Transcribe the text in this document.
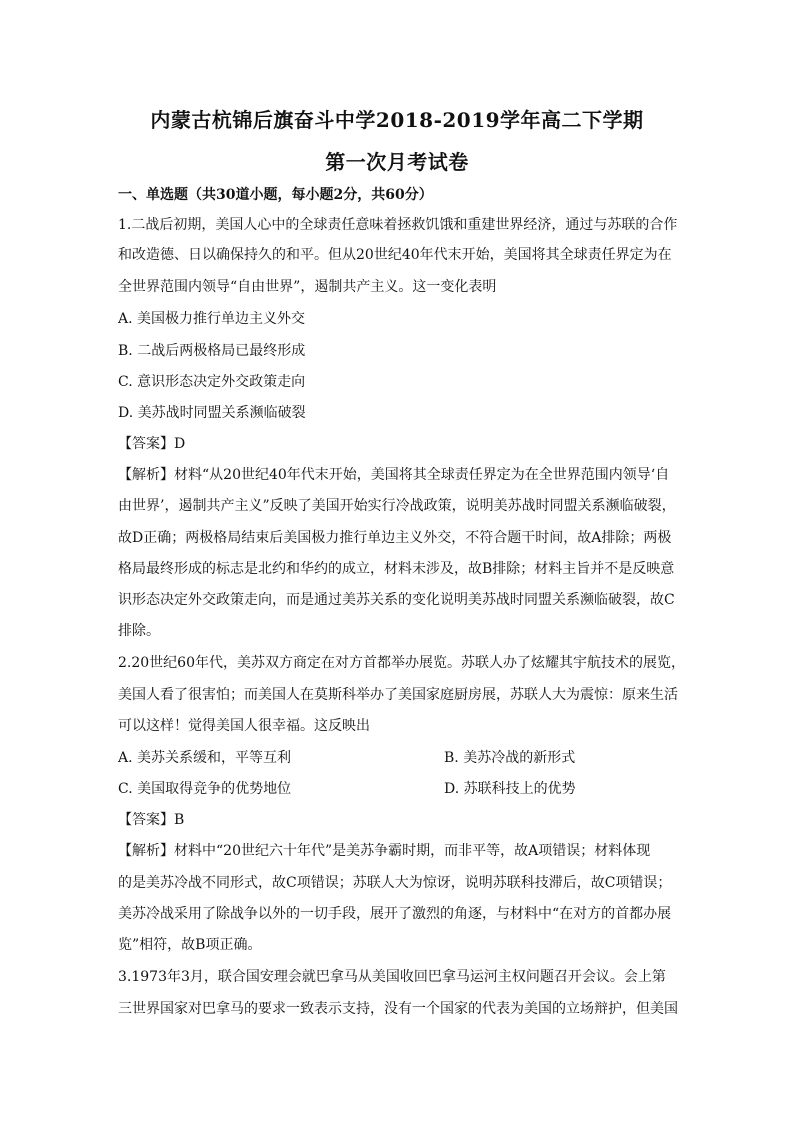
内蒙古杭锦后旗奋斗中学2018-2019学年高二下学期
第一次月考试卷
一、单选题（共30道小题，每小题2分，共60分）
1.二战后初期，美国人心中的全球责任意味着拯救饥饿和重建世界经济，通过与苏联的合作
和改造德、日以确保持久的和平。但从20世纪40年代末开始，美国将其全球责任界定为在
全世界范围内领导“自由世界”，遏制共产主义。这一变化表明
A. 美国极力推行单边主义外交
B. 二战后两极格局已最终形成
C. 意识形态决定外交政策走向
D. 美苏战时同盟关系濒临破裂
【答案】D
【解析】材料“从20世纪40年代末开始，美国将其全球责任界定为在全世界范围内领导‘自
由世界’，遏制共产主义”反映了美国开始实行冷战政策，说明美苏战时同盟关系濒临破裂，
故D正确；两极格局结束后美国极力推行单边主义外交，不符合题干时间，故A排除；两极
格局最终形成的标志是北约和华约的成立，材料未涉及，故B排除；材料主旨并不是反映意
识形态决定外交政策走向，而是通过美苏关系的变化说明美苏战时同盟关系濒临破裂，故C
排除。
2.20世纪60年代，美苏双方商定在对方首都举办展览。苏联人办了炫耀其宇航技术的展览，
美国人看了很害怕；而美国人在莫斯科举办了美国家庭厨房展，苏联人大为震惊：原来生活
可以这样！觉得美国人很幸福。这反映出
A. 美苏关系缓和，平等互利	B. 美苏冷战的新形式
C. 美国取得竞争的优势地位	D. 苏联科技上的优势
【答案】B
【解析】材料中“20世纪六十年代”是美苏争霸时期，而非平等，故A项错误；材料体现
的是美苏冷战不同形式，故C项错误；苏联人大为惊讶，说明苏联科技滞后，故C项错误；
美苏冷战采用了除战争以外的一切手段，展开了激烈的角逐，与材料中“在对方的首都办展
览”相符，故B项正确。
3.1973年3月，联合国安理会就巴拿马从美国收回巴拿马运河主权问题召开会议。会上第
三世界国家对巴拿马的要求一致表示支持，没有一个国家的代表为美国的立场辩护，但美国
